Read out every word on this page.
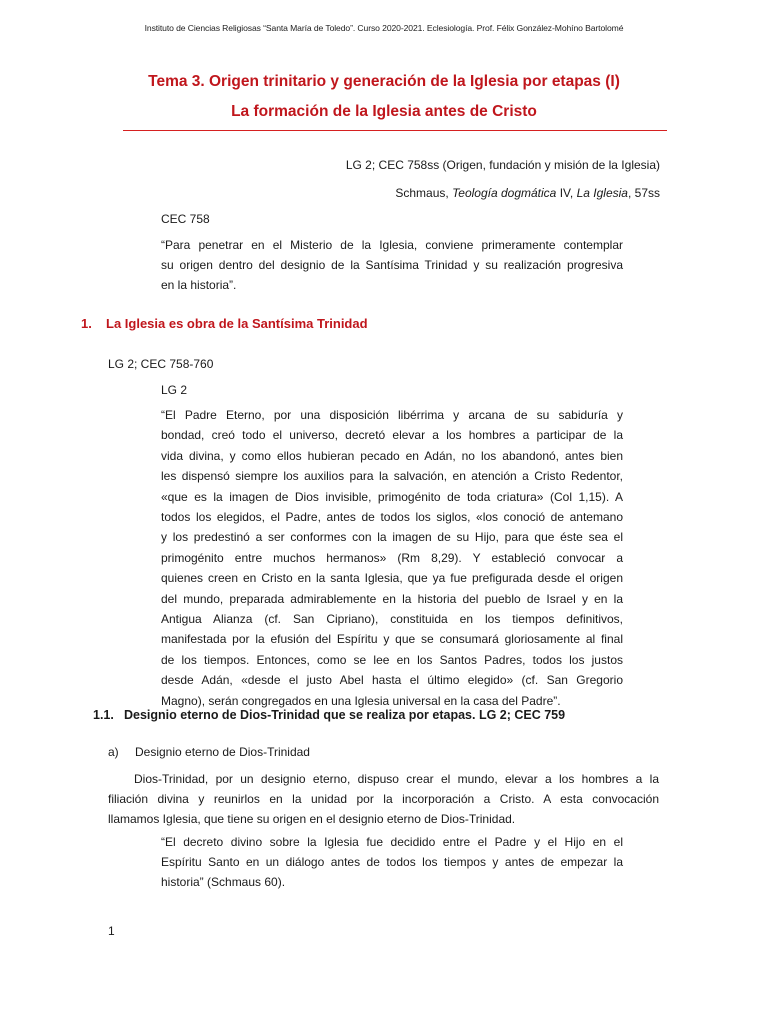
Instituto de Ciencias Religiosas “Santa María de Toledo”. Curso 2020-2021. Eclesiología. Prof. Félix González-Mohíno Bartolomé
Tema 3. Origen trinitario y generación de la Iglesia por etapas (I)
La formación de la Iglesia antes de Cristo
LG 2; CEC 758ss (Origen, fundación y misión de la Iglesia)
Schmaus, Teología dogmática IV, La Iglesia, 57ss
CEC 758
“Para penetrar en el Misterio de la Iglesia, conviene primeramente contemplar
su origen dentro del designio de la Santísima Trinidad y su realización progresiva
en la historia”.
1. La Iglesia es obra de la Santísima Trinidad
LG 2; CEC 758-760
LG 2
“El Padre Eterno, por una disposición libérrima y arcana de su sabiduría y
bondad, creó todo el universo, decretó elevar a los hombres a participar de la
vida divina, y como ellos hubieran pecado en Adán, no los abandonó, antes bien
les dispensó siempre los auxilios para la salvación, en atención a Cristo Redentor,
«que es la imagen de Dios invisible, primogénito de toda criatura» (Col 1,15). A
todos los elegidos, el Padre, antes de todos los siglos, «los conoció de antemano
y los predestinó a ser conformes con la imagen de su Hijo, para que éste sea el
primogénito entre muchos hermanos» (Rm 8,29). Y estableció convocar a
quienes creen en Cristo en la santa Iglesia, que ya fue prefigurada desde el origen
del mundo, preparada admirablemente en la historia del pueblo de Israel y en la
Antigua Alianza (cf. San Cipriano), constituida en los tiempos definitivos,
manifestada por la efusión del Espíritu y que se consumará gloriosamente al final
de los tiempos. Entonces, como se lee en los Santos Padres, todos los justos
desde Adán, «desde el justo Abel hasta el último elegido» (cf. San Gregorio
Magno), serán congregados en una Iglesia universal en la casa del Padre”.
1.1. Designio eterno de Dios-Trinidad que se realiza por etapas. LG 2; CEC 759
a) Designio eterno de Dios-Trinidad
Dios-Trinidad, por un designio eterno, dispuso crear el mundo, elevar a los hombres a la
filiación divina y reunirlos en la unidad por la incorporación a Cristo. A esta convocación
llamamos Iglesia, que tiene su origen en el designio eterno de Dios-Trinidad.
“El decreto divino sobre la Iglesia fue decidido entre el Padre y el Hijo en el
Espíritu Santo en un diálogo antes de todos los tiempos y antes de empezar la
historia” (Schmaus 60).
1
